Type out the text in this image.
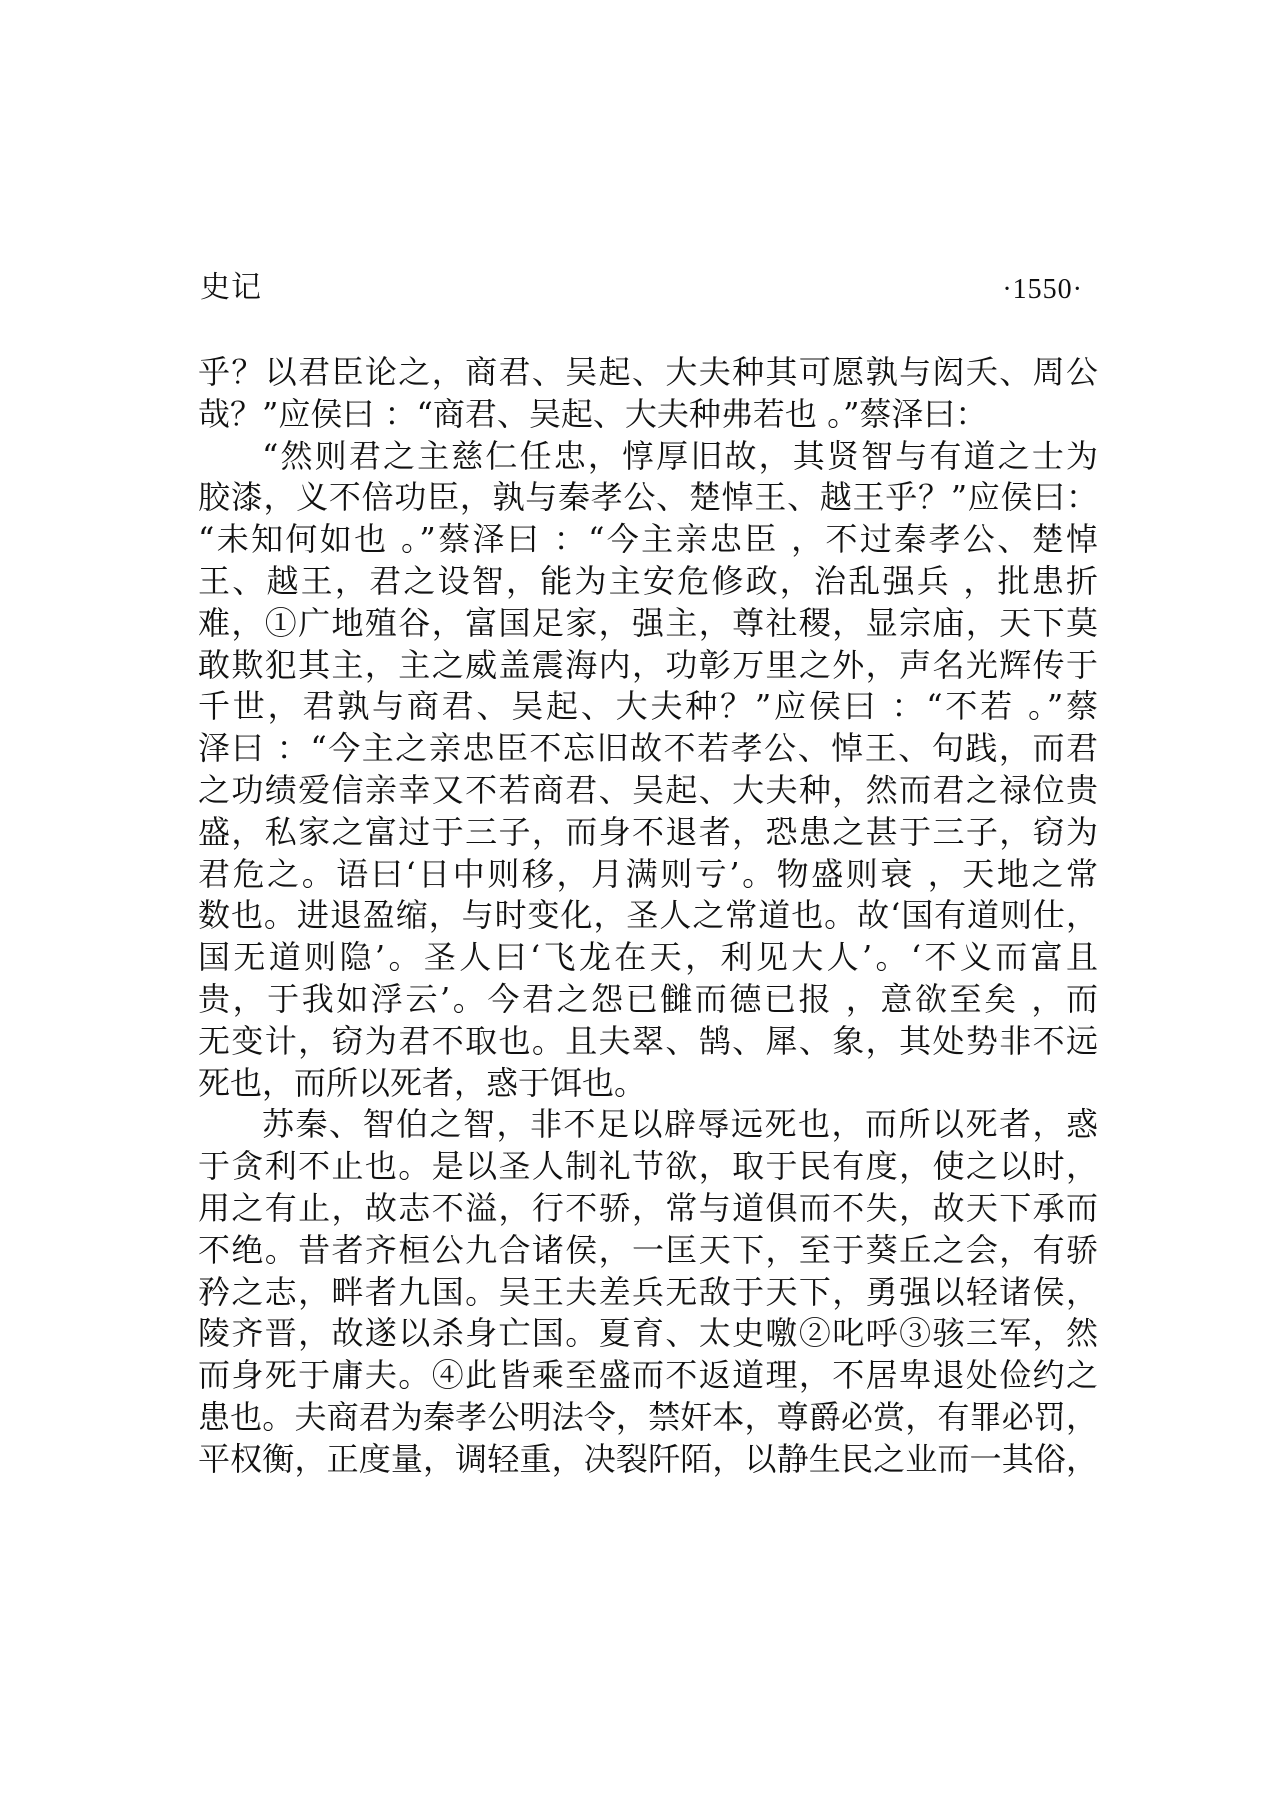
史记	·1550·
乎？以君臣论之，商君、吴起、大夫种其可愿孰与闳夭、周公
哉？”应侯曰 ：“商君、吴起、大夫种弗若也 。”蔡泽曰：
“然则君之主慈仁任忠，惇厚旧故，其贤智与有道之士为
胶漆，义不倍功臣，孰与秦孝公、楚悼王、越王乎？”应侯曰：
“未知何如也 。”蔡泽曰 ：“今主亲忠臣 ，不过秦孝公、楚悼
王、越王，君之设智，能为主安危修政，治乱强兵 ，批患折
难，①广地殖谷，富国足家，强主，尊社稷，显宗庙，天下莫
敢欺犯其主，主之威盖震海内，功彰万里之外，声名光辉传于
千世，君孰与商君、吴起、大夫种？”应侯曰 ：“不若 。”蔡
泽曰 ：“今主之亲忠臣不忘旧故不若孝公、悼王、句践，而君
之功绩爱信亲幸又不若商君、吴起、大夫种，然而君之禄位贵
盛，私家之富过于三子，而身不退者，恐患之甚于三子，窃为
君危之。语曰‘日中则移，月满则亏’。物盛则衰 ，天地之常
数也。进退盈缩，与时变化，圣人之常道也。故‘国有道则仕，
国无道则隐’。圣人曰‘飞龙在天，利见大人’。‘不义而富且
贵，于我如浮云’。今君之怨已雠而德已报 ，意欲至矣 ，而
无变计，窃为君不取也。且夫翠、鹄、犀、象，其处势非不远
死也，而所以死者，惑于饵也。
苏秦、智伯之智，非不足以辟辱远死也，而所以死者，惑
于贪利不止也。是以圣人制礼节欲，取于民有度，使之以时，
用之有止，故志不溢，行不骄，常与道俱而不失，故天下承而
不绝。昔者齐桓公九合诸侯，一匡天下，至于葵丘之会，有骄
矜之志，畔者九国。吴王夫差兵无敌于天下，勇强以轻诸侯，
陵齐晋，故遂以杀身亡国。夏育、太史噭②叱呼③骇三军，然
而身死于庸夫。④此皆乘至盛而不返道理，不居卑退处俭约之
患也。夫商君为秦孝公明法令，禁奸本，尊爵必赏，有罪必罚，
平权衡，正度量，调轻重，决裂阡陌，以静生民之业而一其俗，
